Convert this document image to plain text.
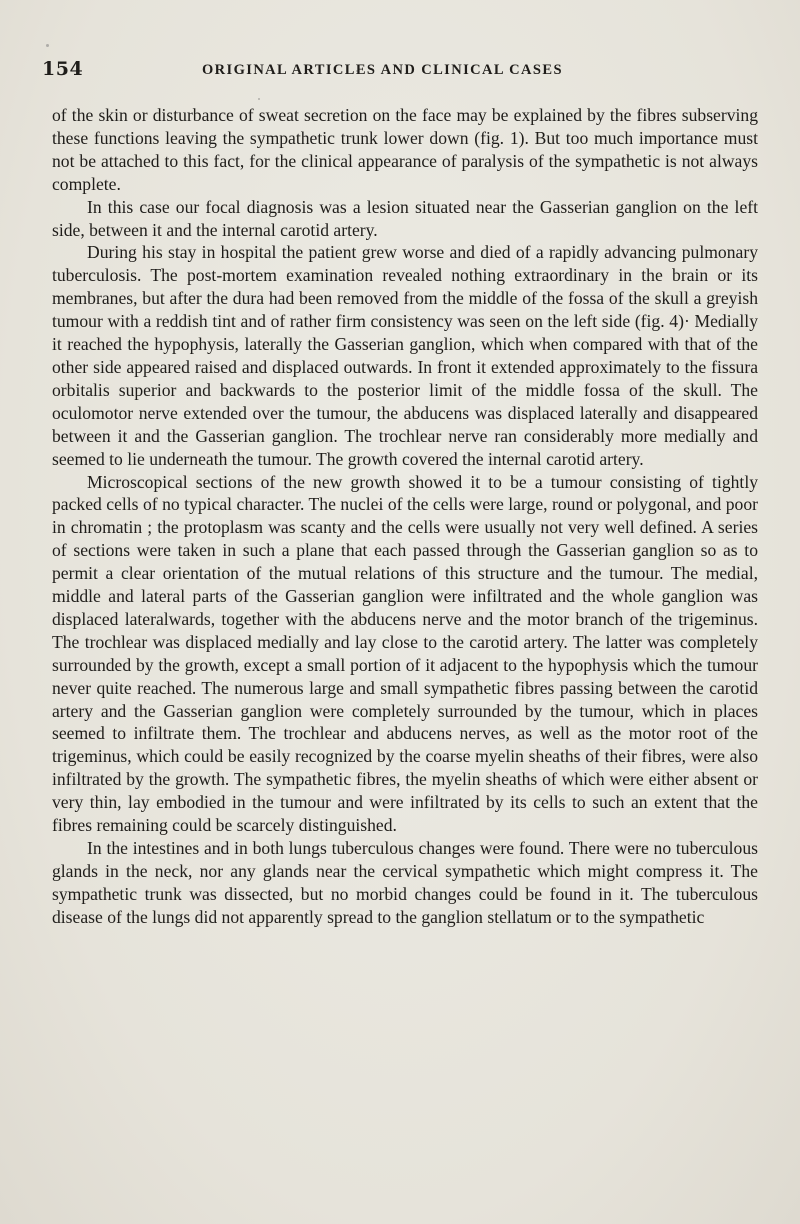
154	ORIGINAL ARTICLES AND CLINICAL CASES

of the skin or disturbance of sweat secretion on the face may be explained by the fibres subserving these functions leaving the sympathetic trunk lower down (fig. 1). But too much importance must not be attached to this fact, for the clinical appearance of paralysis of the sympathetic is not always complete.

In this case our focal diagnosis was a lesion situated near the Gasserian ganglion on the left side, between it and the internal carotid artery.

During his stay in hospital the patient grew worse and died of a rapidly advancing pulmonary tuberculosis. The post-mortem examination revealed nothing extraordinary in the brain or its membranes, but after the dura had been removed from the middle of the fossa of the skull a greyish tumour with a reddish tint and of rather firm consistency was seen on the left side (fig. 4)· Medially it reached the hypophysis, laterally the Gasserian ganglion, which when compared with that of the other side appeared raised and displaced outwards. In front it extended approximately to the fissura orbitalis superior and backwards to the posterior limit of the middle fossa of the skull. The oculomotor nerve extended over the tumour, the abducens was displaced laterally and disappeared between it and the Gasserian ganglion. The trochlear nerve ran considerably more medially and seemed to lie underneath the tumour. The growth covered the internal carotid artery.

Microscopical sections of the new growth showed it to be a tumour consisting of tightly packed cells of no typical character. The nuclei of the cells were large, round or polygonal, and poor in chromatin ; the protoplasm was scanty and the cells were usually not very well defined. A series of sections were taken in such a plane that each passed through the Gasserian ganglion so as to permit a clear orientation of the mutual relations of this structure and the tumour. The medial, middle and lateral parts of the Gasserian ganglion were infiltrated and the whole ganglion was displaced lateralwards, together with the abducens nerve and the motor branch of the trigeminus. The trochlear was displaced medially and lay close to the carotid artery. The latter was completely surrounded by the growth, except a small portion of it adjacent to the hypophysis which the tumour never quite reached. The numerous large and small sympathetic fibres passing between the carotid artery and the Gasserian ganglion were completely surrounded by the tumour, which in places seemed to infiltrate them. The trochlear and abducens nerves, as well as the motor root of the trigeminus, which could be easily recognized by the coarse myelin sheaths of their fibres, were also infiltrated by the growth. The sympathetic fibres, the myelin sheaths of which were either absent or very thin, lay embodied in the tumour and were infiltrated by its cells to such an extent that the fibres remaining could be scarcely distinguished.

In the intestines and in both lungs tuberculous changes were found. There were no tuberculous glands in the neck, nor any glands near the cervical sympathetic which might compress it. The sympathetic trunk was dissected, but no morbid changes could be found in it. The tuberculous disease of the lungs did not apparently spread to the ganglion stellatum or to the sympathetic
